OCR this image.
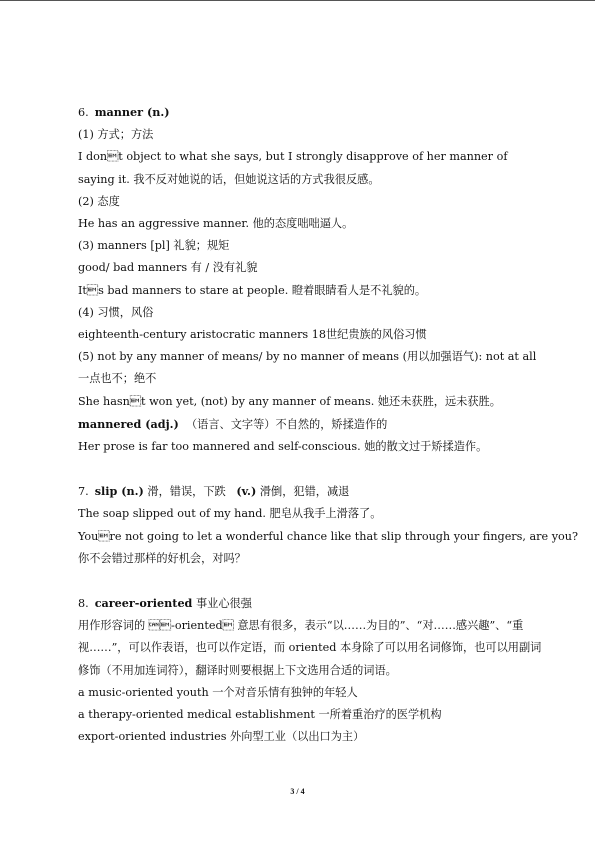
6. manner (n.)
(1) 方式；方法
I dont object to what she says, but I strongly disapprove of her manner of saying it. 我不反对她说的话，但她说这话的方式我很反感。
(2) 态度
He has an aggressive manner. 他的态度咄咄逼人。
(3) manners [pl] 礼貌；规矩
good/ bad manners 有 / 没有礼貌
Its bad manners to stare at people. 瞪着眼睛看人是不礼貌的。
(4) 习惯，风俗
eighteenth-century aristocratic manners 18世纪贵族的风俗习惯
(5) not by any manner of means/ by no manner of means (用以加强语气): not at all 一点也不；绝不
She hasnt won yet, (not) by any manner of means. 她还未获胜，远未获胜。
mannered (adj.) （语言、文字等）不自然的，矫揉造作的
Her prose is far too mannered and self-conscious. 她的散文过于矫揉造作。
7. slip (n.) 滑，错误，下跌 (v.) 滑倒，犯错，减退
The soap slipped out of my hand. 肥皂从我手上滑落了。
Youre not going to let a wonderful chance like that slip through your fingers, are you?
你不会错过那样的好机会，对吗？
8. career-oriented 事业心很强
用作形容词的 -oriented 意思有很多，表示“以……为目的”、“对……感兴趣”、“重视……”，可以作表语，也可以作定语，而 oriented 本身除了可以用名词修饰，也可以用副词修饰（不用加连词符），翻译时则要根据上下文选用合适的词语。
a music-oriented youth 一个对音乐情有独钟的年轻人
a therapy-oriented medical establishment 一所着重治疗的医学机构
export-oriented industries 外向型工业（以出口为主）
3 / 4
